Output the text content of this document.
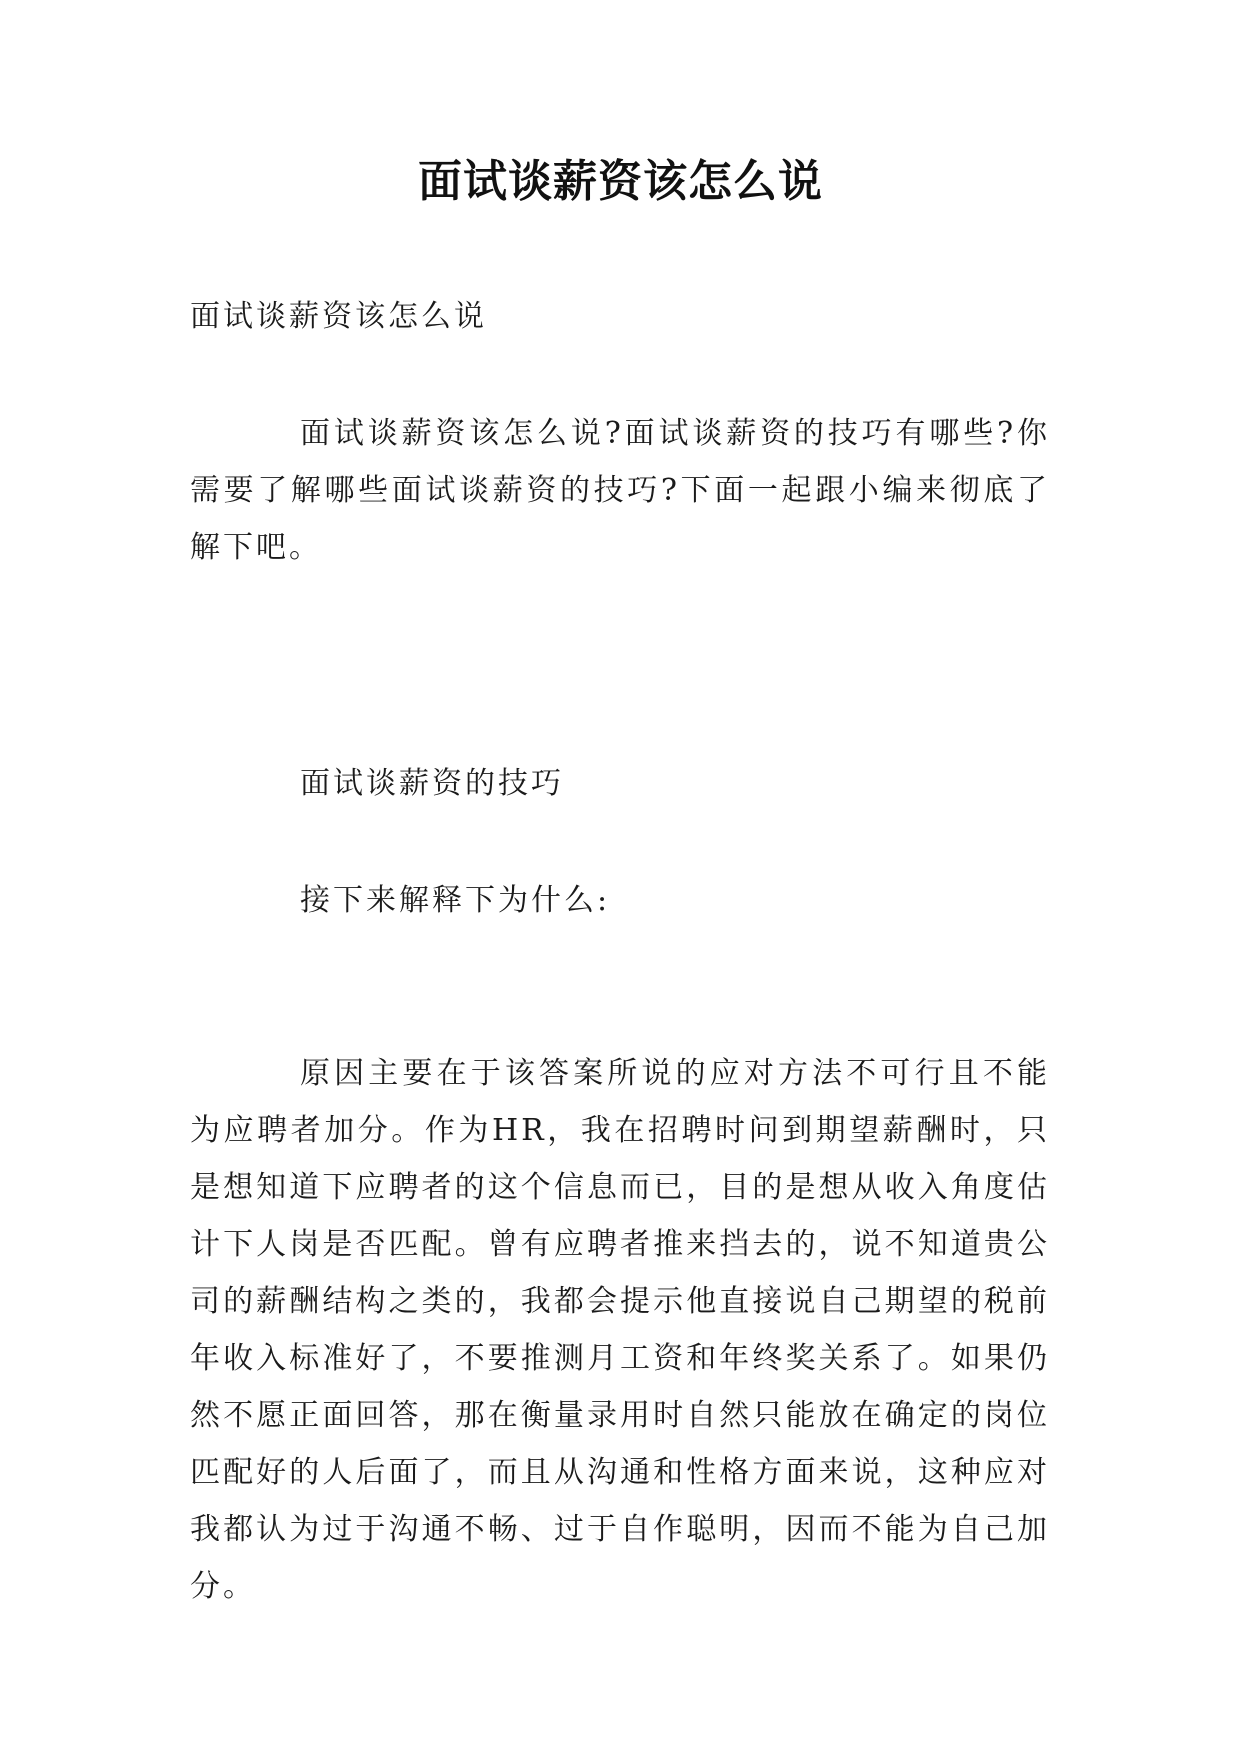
面试谈薪资该怎么说

面试谈薪资该怎么说

面试谈薪资该怎么说?面试谈薪资的技巧有哪些?你需要了解哪些面试谈薪资的技巧?下面一起跟小编来彻底了解下吧。

面试谈薪资的技巧

接下来解释下为什么:

原因主要在于该答案所说的应对方法不可行且不能为应聘者加分。作为HR，我在招聘时问到期望薪酬时，只是想知道下应聘者的这个信息而已，目的是想从收入角度估计下人岗是否匹配。曾有应聘者推来挡去的，说不知道贵公司的薪酬结构之类的，我都会提示他直接说自己期望的税前年收入标准好了，不要推测月工资和年终奖关系了。如果仍然不愿正面回答，那在衡量录用时自然只能放在确定的岗位匹配好的人后面了，而且从沟通和性格方面来说，这种应对我都认为过于沟通不畅、过于自作聪明，因而不能为自己加分。
